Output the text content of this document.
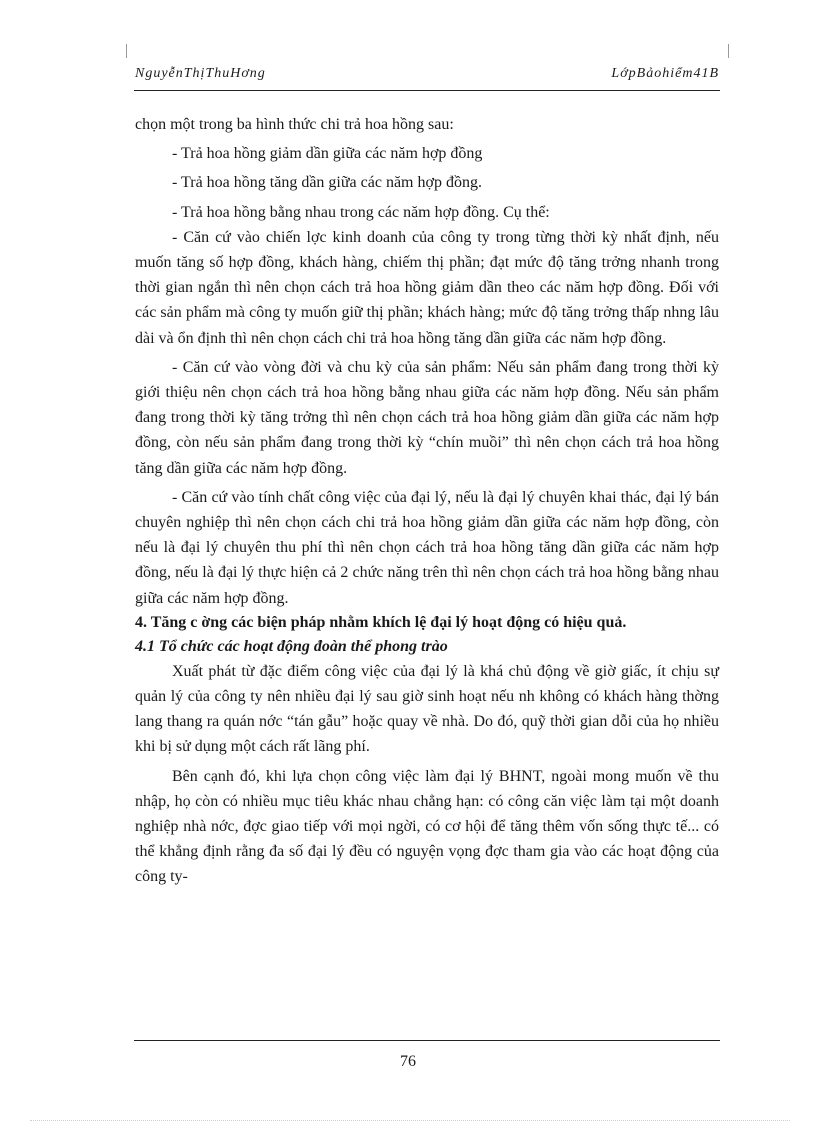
NguyễnThịThuHơng	LớpBảohiểm41B

chọn một trong ba hình thức chi trả hoa hồng sau:

- Trả hoa hồng giảm dần giữa các năm hợp đồng

- Trả hoa hồng tăng dần giữa các năm hợp đồng.

- Trả hoa hồng bằng nhau trong các năm hợp đồng. Cụ thể:

- Căn cứ vào chiến lợc kinh doanh của công ty trong từng thời kỳ nhất định, nếu muốn tăng số hợp đồng, khách hàng, chiếm thị phần; đạt mức độ tăng trởng nhanh trong thời gian ngắn thì nên chọn cách trả hoa hồng giảm dần theo các năm hợp đồng. Đối với các sản phẩm mà công ty muốn giữ thị phần; khách hàng; mức độ tăng trởng thấp nhng lâu dài và ổn định thì nên chọn cách chi trả hoa hồng tăng dần giữa các năm hợp đồng.

- Căn cứ vào vòng đời và chu kỳ của sản phẩm: Nếu sản phẩm đang trong thời kỳ giới thiệu nên chọn cách trả hoa hồng bằng nhau giữa các năm hợp đồng. Nếu sản phẩm đang trong thời kỳ tăng trởng thì nên chọn cách trả hoa hồng giảm dần giữa các năm hợp đồng, còn nếu sản phẩm đang trong thời kỳ “chín muồi” thì nên chọn cách trả hoa hồng tăng dần giữa các năm hợp đồng.

- Căn cứ vào tính chất công việc của đại lý, nếu là đại lý chuyên khai thác, đại lý bán chuyên nghiệp thì nên chọn cách chi trả hoa hồng giảm dần giữa các năm hợp đồng, còn nếu là đại lý chuyên thu phí thì nên chọn cách trả hoa hồng tăng dần giữa các năm hợp đồng, nếu là đại lý thực hiện cả 2 chức năng trên thì nên chọn cách trả hoa hồng bằng nhau giữa các năm hợp đồng.

4. Tăng c ờng các biện pháp nhằm khích lệ đại lý hoạt động có hiệu quả.

4.1 Tổ chức các hoạt động đoàn thể phong trào

Xuất phát từ đặc điểm công việc của đại lý là khá chủ động về giờ giấc, ít chịu sự quản lý của công ty nên nhiều đại lý sau giờ sinh hoạt nếu nh không có khách hàng thờng lang thang ra quán nớc “tán gẫu” hoặc quay về nhà. Do đó, quỹ thời gian dỗi của họ nhiều khi bị sử dụng một cách rất lãng phí.

Bên cạnh đó, khi lựa chọn công việc làm đại lý BHNT, ngoài mong muốn về thu nhập, họ còn có nhiều mục tiêu khác nhau chẳng hạn: có công căn việc làm tại một doanh nghiệp nhà nớc, đợc giao tiếp với mọi ngời, có cơ hội để tăng thêm vốn sống thực tế... có thể khẳng định rằng đa số đại lý đều có nguyện vọng đợc tham gia vào các hoạt động của công ty-

76
